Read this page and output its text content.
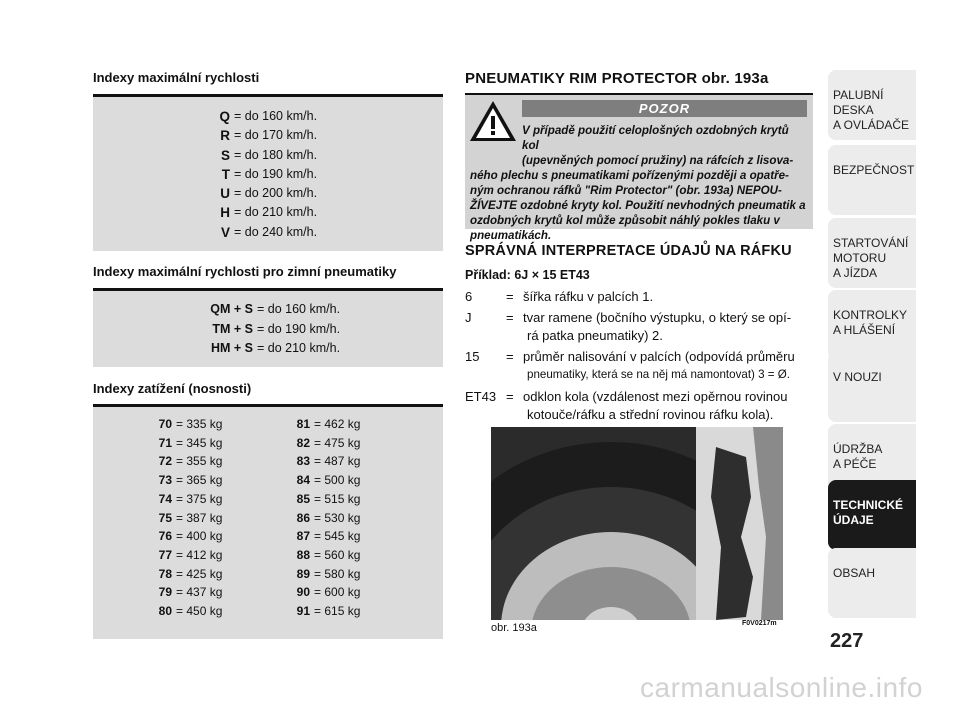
Indexy maximální rychlosti
Q = do 160 km/h.
R = do 170 km/h.
S = do 180 km/h.
T = do 190 km/h.
U = do 200 km/h.
H = do 210 km/h.
V = do 240 km/h.
Indexy maximální rychlosti pro zimní pneumatiky
QM + S = do 160 km/h.
TM + S = do 190 km/h.
HM + S = do 210 km/h.
Indexy zatížení (nosnosti)
70 = 335 kg
71 = 345 kg
72 = 355 kg
73 = 365 kg
74 = 375 kg
75 = 387 kg
76 = 400 kg
77 = 412 kg
78 = 425 kg
79 = 437 kg
80 = 450 kg
81 = 462 kg
82 = 475 kg
83 = 487 kg
84 = 500 kg
85 = 515 kg
86 = 530 kg
87 = 545 kg
88 = 560 kg
89 = 580 kg
90 = 600 kg
91 = 615 kg
PNEUMATIKY RIM PROTECTOR obr. 193a
POZOR
V případě použití celoplošných ozdobných krytů kol
(upevněných pomocí pružiny) na ráfcích z lisova-
ného plechu s pneumatikami pořízenými později a opatře-ným ochranou ráfků "Rim Protector" (obr. 193a) NEPOU-ŽÍVEJTE ozdobné kryty kol. Použití nevhodných pneumatik a ozdobných krytů kol může způsobit náhlý pokles tlaku v pneumatikách.
SPRÁVNÁ INTERPRETACE ÚDAJŮ NA RÁFKU
Příklad: 6J × 15 ET43
6	= šířka ráfku v palcích 1.
J	= tvar ramene (bočního výstupku, o který se opí-
rá patka pneumatiky) 2.
15 = průměr nalisování v palcích (odpovídá průměru
pneumatiky, která se na něj má namontovat) 3 = Ø.
ET43 = odklon kola (vzdálenost mezi opěrnou rovinou
kotouče/ráfku a střední rovinou ráfku kola).
obr. 193a	F0V0217m
PALUBNÍ DESKA
A OVLÁDAČE
BEZPEČNOST
STARTOVÁNÍ
MOTORU
A JÍZDA
KONTROLKY
A HLÁŠENÍ
V NOUZI
ÚDRŽBA
A PÉČE
TECHNICKÉ
ÚDAJE
OBSAH
227
carmanualsonline.info
